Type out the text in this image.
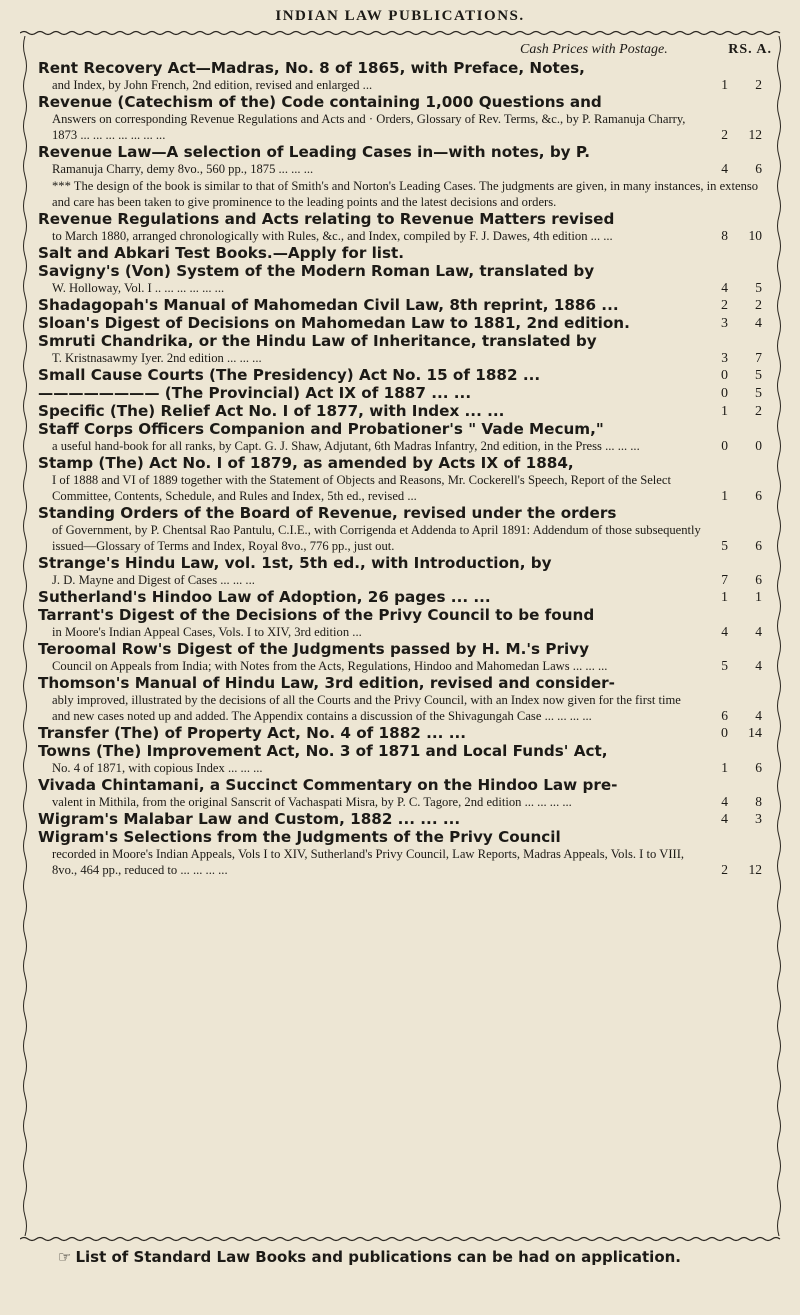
INDIAN LAW PUBLICATIONS.
Cash Prices with Postage.	RS. A.
Rent Recovery Act—Madras, No. 8 of 1865, with Preface, Notes,
and Index, by John French, 2nd edition, revised and enlarged ...	1	2
Revenue (Catechism of the) Code containing 1,000 Questions and
Answers on corresponding Revenue Regulations and Acts and · Orders, Glossary of Rev. Terms, &c., by P. Ramanuja Charry, 1873 ... ... ... ... ... ... ...	2	12
Revenue Law—A selection of Leading Cases in—with notes, by P.
Ramanuja Charry, demy 8vo., 560 pp., 1875 ... ... ...	4	6
*** The design of the book is similar to that of Smith's and Norton's Leading Cases. The judgments are given, in many instances, in extenso and care has been taken to give prominence to the leading points and the latest decisions and orders.
Revenue Regulations and Acts relating to Revenue Matters revised
to March 1880, arranged chronologically with Rules, &c., and Index, compiled by F. J. Dawes, 4th edition ... ...	8	10
Salt and Abkari Test Books.—Apply for list.
Savigny's (Von) System of the Modern Roman Law, translated by
W. Holloway, Vol. I .. ... ... ... ... ...	4	5
Shadagopah's Manual of Mahomedan Civil Law, 8th reprint, 1886 ...	2	2
Sloan's Digest of Decisions on Mahomedan Law to 1881, 2nd edition.	3	4
Smruti Chandrika, or the Hindu Law of Inheritance, translated by
T. Kristnasawmy Iyer. 2nd edition ... ... ...	3	7
Small Cause Courts (The Presidency) Act No. 15 of 1882 ...	0	5
———————— (The Provincial) Act IX of 1887 ... ...	0	5
Specific (The) Relief Act No. I of 1877, with Index ... ...	1	2
Staff Corps Officers Companion and Probationer's " Vade Mecum,"
a useful hand-book for all ranks, by Capt. G. J. Shaw, Adjutant, 6th Madras Infantry, 2nd edition, in the Press ... ... ...	0	0
Stamp (The) Act No. I of 1879, as amended by Acts IX of 1884,
I of 1888 and VI of 1889 together with the Statement of Objects and Reasons, Mr. Cockerell's Speech, Report of the Select Committee, Contents, Schedule, and Rules and Index, 5th ed., revised ...	1	6
Standing Orders of the Board of Revenue, revised under the orders
of Government, by P. Chentsal Rao Pantulu, C.I.E., with Corrigenda et Addenda to April 1891: Addendum of those subsequently issued—Glossary of Terms and Index, Royal 8vo., 776 pp., just out.	5	6
Strange's Hindu Law, vol. 1st, 5th ed., with Introduction, by
J. D. Mayne and Digest of Cases ... ... ...	7	6
Sutherland's Hindoo Law of Adoption, 26 pages ... ...	1	1
Tarrant's Digest of the Decisions of the Privy Council to be found
in Moore's Indian Appeal Cases, Vols. I to XIV, 3rd edition ...	4	4
Teroomal Row's Digest of the Judgments passed by H. M.'s Privy
Council on Appeals from India; with Notes from the Acts, Regulations, Hindoo and Mahomedan Laws ... ... ...	5	4
Thomson's Manual of Hindu Law, 3rd edition, revised and consider-
ably improved, illustrated by the decisions of all the Courts and the Privy Council, with an Index now given for the first time and new cases noted up and added. The Appendix contains a discussion of the Shivagungah Case ... ... ... ...	6	4
Transfer (The) of Property Act, No. 4 of 1882 ... ...	0	14
Towns (The) Improvement Act, No. 3 of 1871 and Local Funds' Act,
No. 4 of 1871, with copious Index ... ... ...	1	6
Vivada Chintamani, a Succinct Commentary on the Hindoo Law pre-
valent in Mithila, from the original Sanscrit of Vachaspati Misra, by P. C. Tagore, 2nd edition ... ... ... ...	4	8
Wigram's Malabar Law and Custom, 1882 ... ... ...	4	3
Wigram's Selections from the Judgments of the Privy Council
recorded in Moore's Indian Appeals, Vols I to XIV, Sutherland's Privy Council, Law Reports, Madras Appeals, Vols. I to VIII, 8vo., 464 pp., reduced to ... ... ... ...	2	12
☞ List of Standard Law Books and publications can be had on application.
